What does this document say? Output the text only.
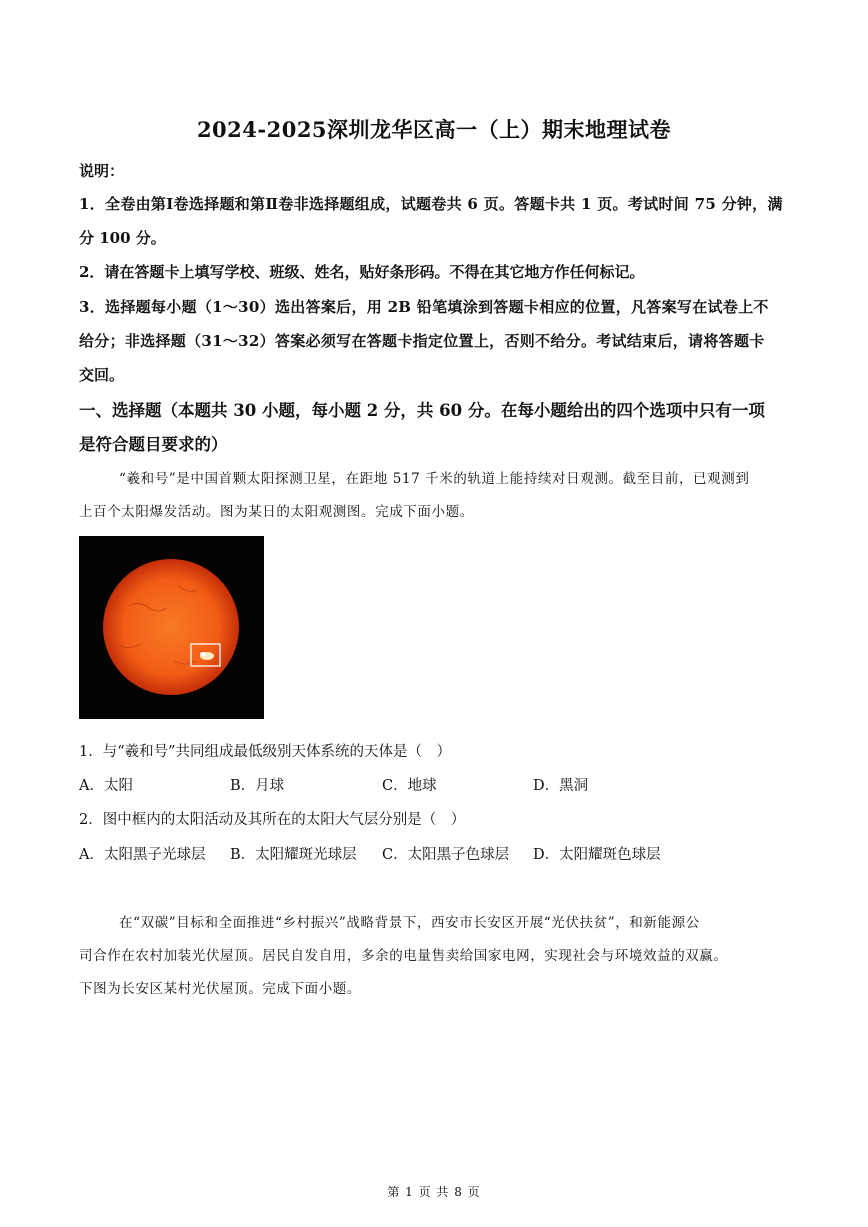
2024-2025深圳龙华区高一（上）期末地理试卷
说明：
1．全卷由第Ⅰ卷选择题和第Ⅱ卷非选择题组成，试题卷共 6 页。答题卡共 1 页。考试时间 75 分钟，满
分 100 分。
2．请在答题卡上填写学校、班级、姓名，贴好条形码。不得在其它地方作任何标记。
3．选择题每小题（1～30）选出答案后，用 2B 铅笔填涂到答题卡相应的位置，凡答案写在试卷上不
给分；非选择题（31～32）答案必须写在答题卡指定位置上，否则不给分。考试结束后，请将答题卡
交回。
一、选择题（本题共 30 小题，每小题 2 分，共 60 分。在每小题给出的四个选项中只有一项
是符合题目要求的）
“羲和号”是中国首颗太阳探测卫星，在距地 517 千米的轨道上能持续对日观测。截至目前，已观测到
上百个太阳爆发活动。图为某日的太阳观测图。完成下面小题。
1．与“羲和号”共同组成最低级别天体系统的天体是（　）
A．太阳	B．月球	C．地球	D．黑洞
2．图中框内的太阳活动及其所在的太阳大气层分别是（　）
A．太阳黑子光球层 B．太阳耀斑光球层 C．太阳黑子色球层 D．太阳耀斑色球层
在“双碳”目标和全面推进“乡村振兴”战略背景下，西安市长安区开展“光伏扶贫”，和新能源公
司合作在农村加装光伏屋顶。居民自发自用，多余的电量售卖给国家电网，实现社会与环境效益的双赢。
下图为长安区某村光伏屋顶。完成下面小题。
第 1 页 共 8 页
